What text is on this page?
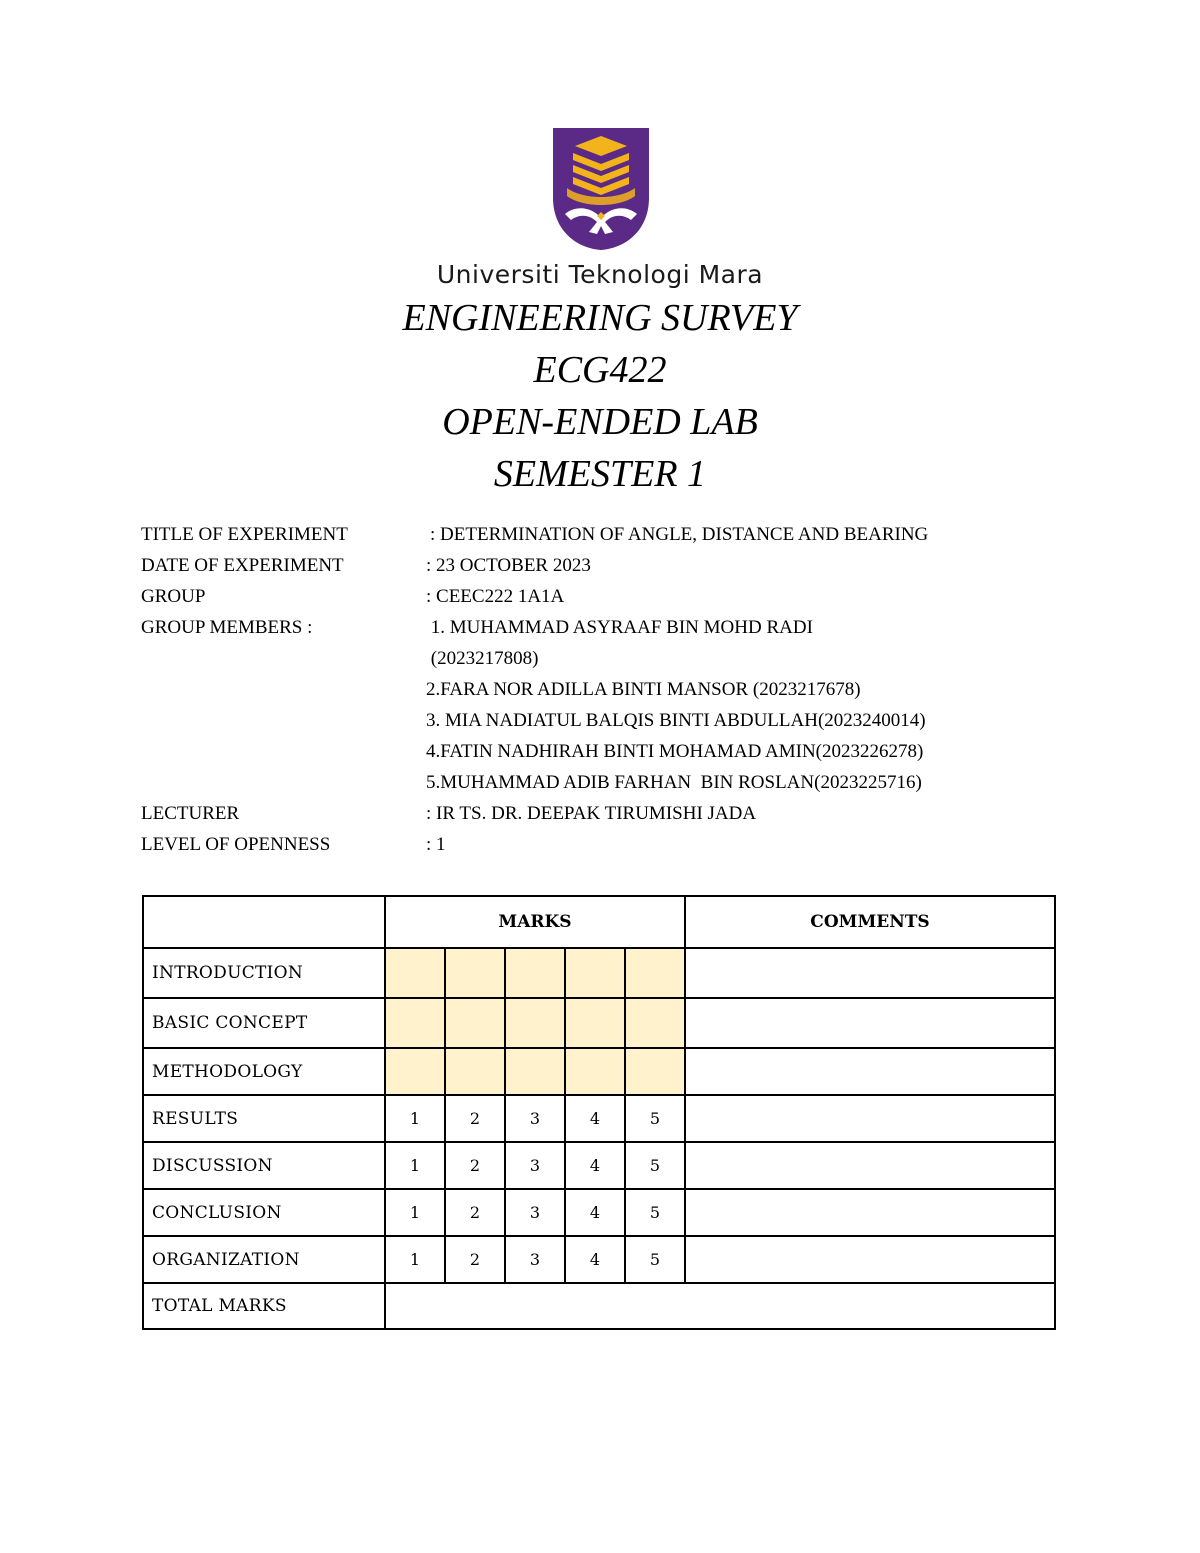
Universiti Teknologi Mara
ENGINEERING SURVEY
ECG422
OPEN-ENDED LAB
SEMESTER 1
TITLE OF EXPERIMENT	: DETERMINATION OF ANGLE, DISTANCE AND BEARING
DATE OF EXPERIMENT	: 23 OCTOBER 2023
GROUP	: CEEC222 1A1A
GROUP MEMBERS :	1. MUHAMMAD ASYRAAF BIN MOHD RADI
(2023217808)
2.FARA NOR ADILLA BINTI MANSOR (2023217678)
3. MIA NADIATUL BALQIS BINTI ABDULLAH(2023240014)
4.FATIN NADHIRAH BINTI MOHAMAD AMIN(2023226278)
5.MUHAMMAD ADIB FARHAN  BIN ROSLAN(2023225716)
LECTURER	: IR TS. DR. DEEPAK TIRUMISHI JADA
LEVEL OF OPENNESS	: 1
	MARKS					COMMENTS
INTRODUCTION						
BASIC CONCEPT						
METHODOLOGY						
RESULTS	1	2	3	4	5	
DISCUSSION	1	2	3	4	5	
CONCLUSION	1	2	3	4	5	
ORGANIZATION	1	2	3	4	5	
TOTAL MARKS						
